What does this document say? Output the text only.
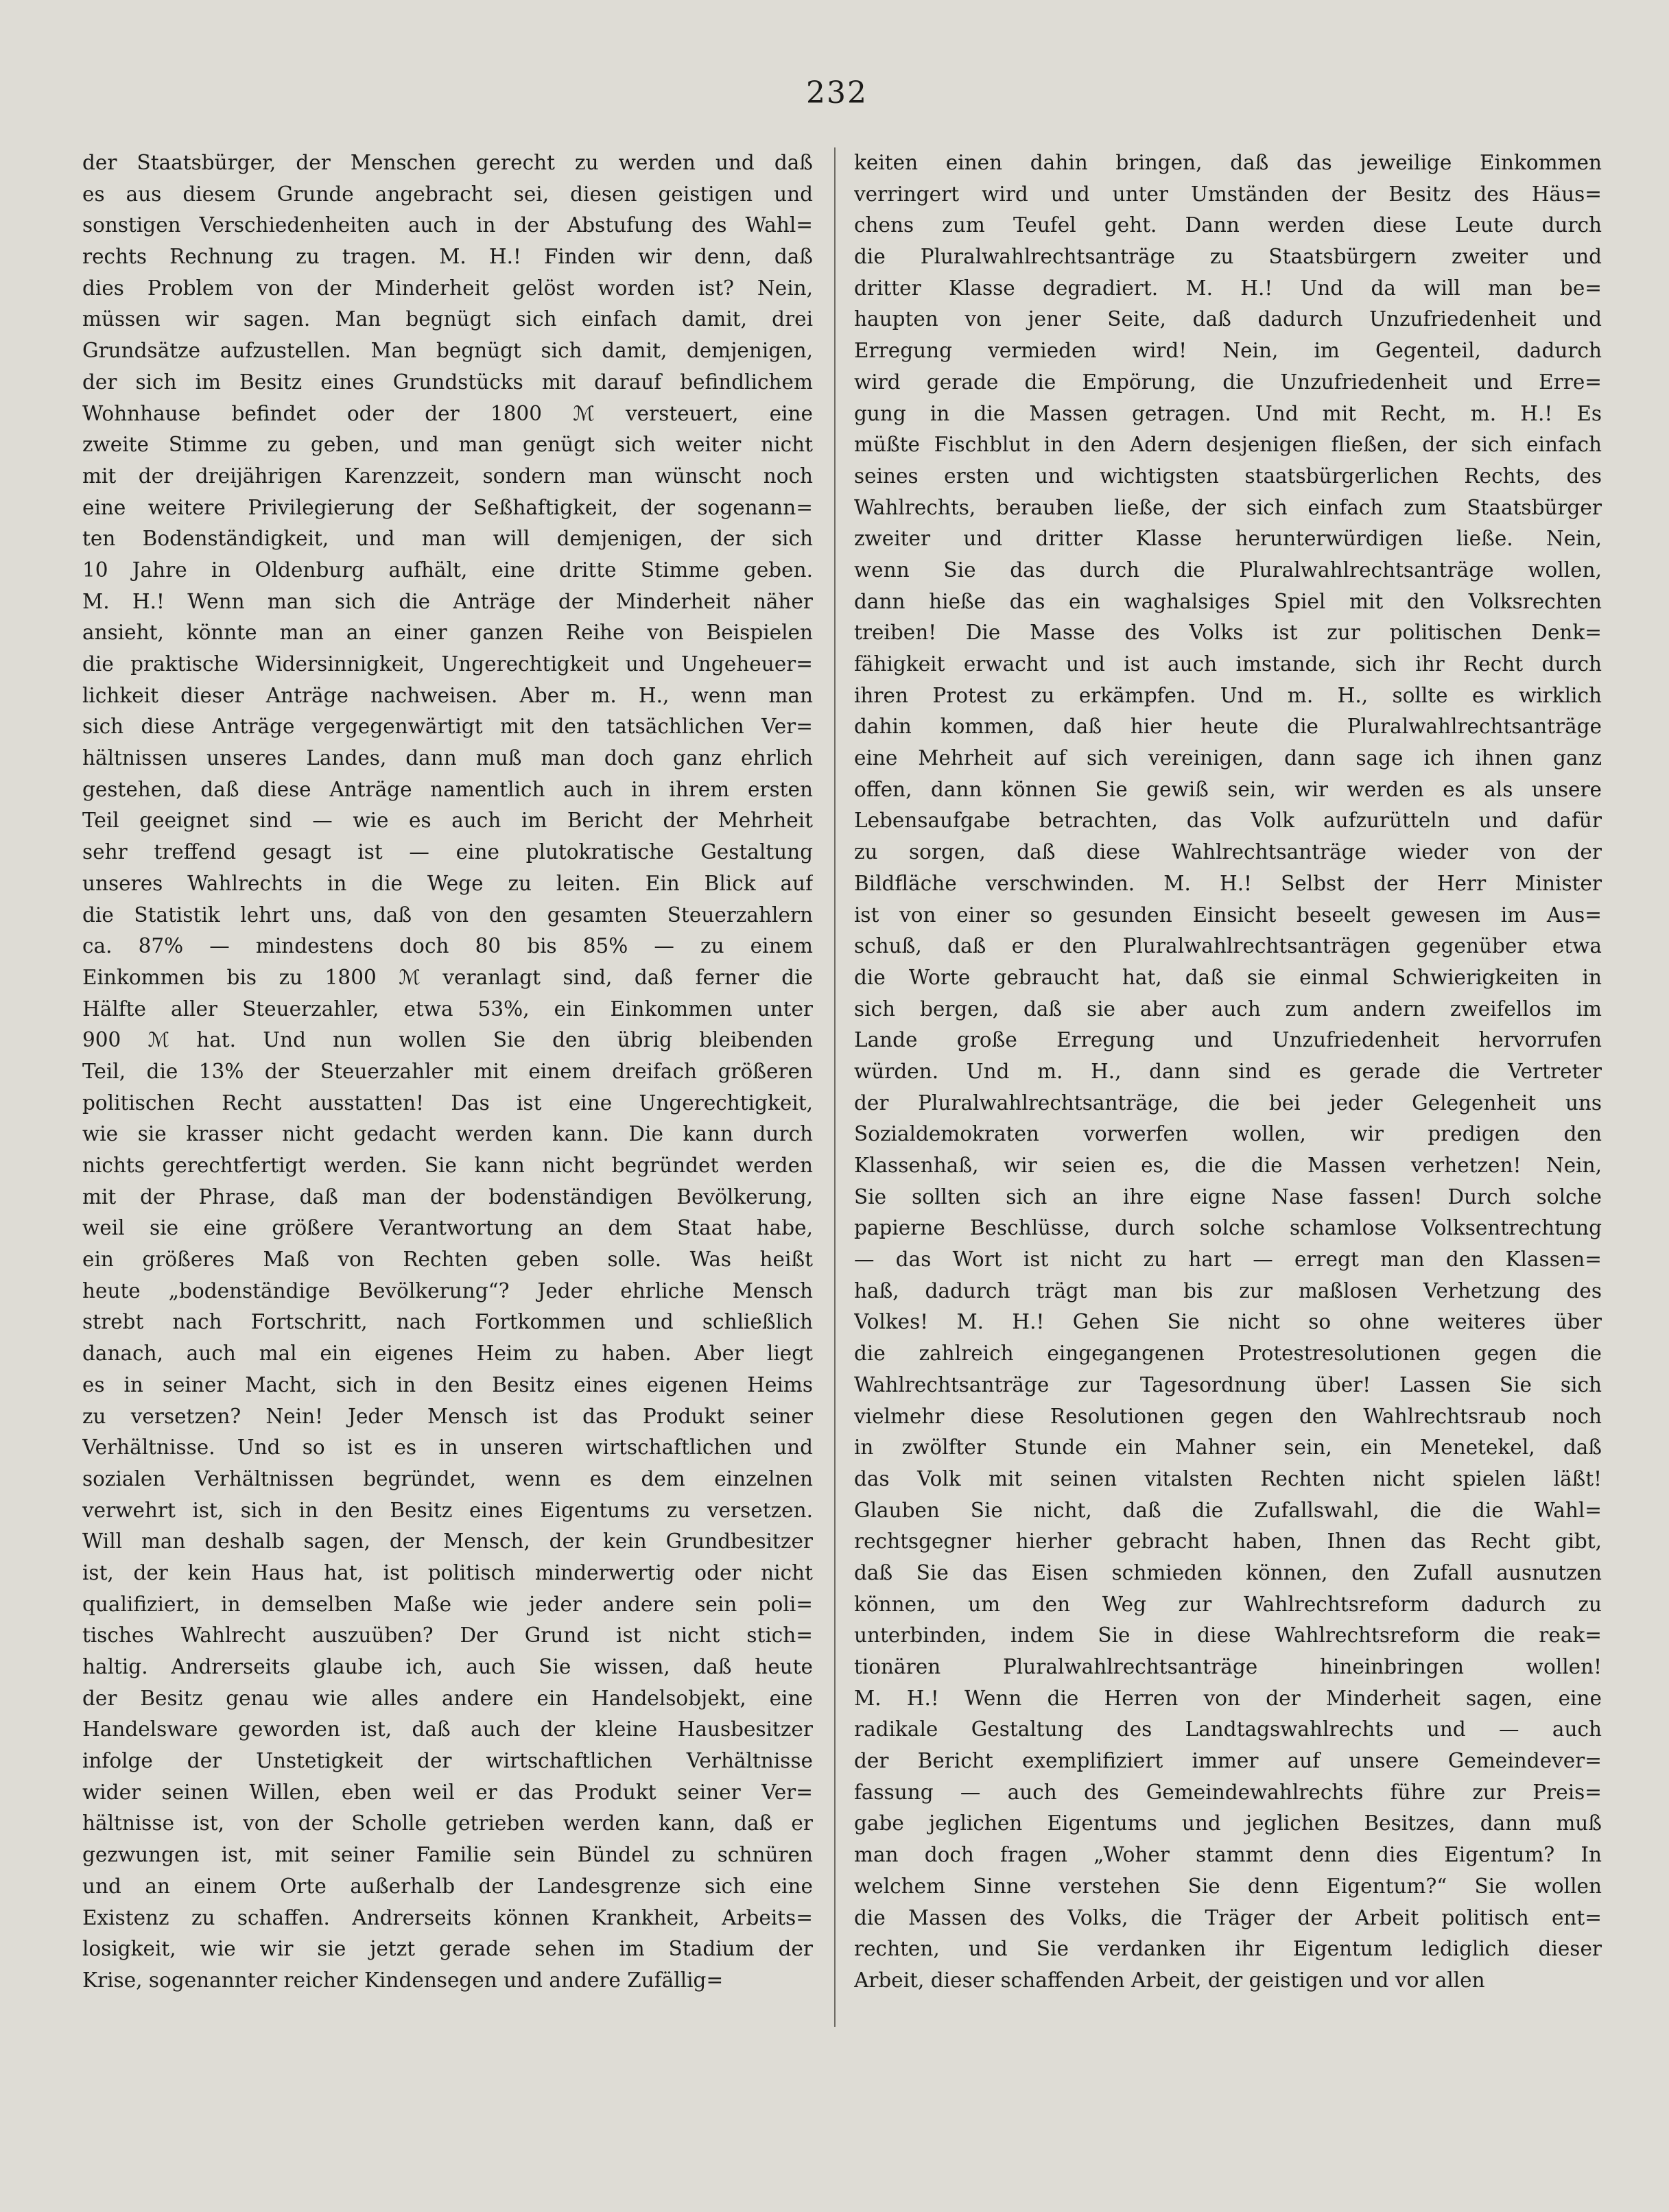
232
der Staatsbürger, der Menschen gerecht zu werden und daß
es aus diesem Grunde angebracht sei, diesen geistigen und
sonstigen Verschiedenheiten auch in der Abstufung des Wahl=
rechts Rechnung zu tragen. M. H.! Finden wir denn, daß
dies Problem von der Minderheit gelöst worden ist? Nein,
müssen wir sagen. Man begnügt sich einfach damit, drei
Grundsätze aufzustellen. Man begnügt sich damit, demjenigen,
der sich im Besitz eines Grundstücks mit darauf befindlichem
Wohnhause befindet oder der 1800 ℳ versteuert, eine
zweite Stimme zu geben, und man genügt sich weiter nicht
mit der dreijährigen Karenzzeit, sondern man wünscht noch
eine weitere Privilegierung der Seßhaftigkeit, der sogenann=
ten Bodenständigkeit, und man will demjenigen, der sich
10 Jahre in Oldenburg aufhält, eine dritte Stimme geben.
M. H.! Wenn man sich die Anträge der Minderheit näher
ansieht, könnte man an einer ganzen Reihe von Beispielen
die praktische Widersinnigkeit, Ungerechtigkeit und Ungeheuer=
lichkeit dieser Anträge nachweisen. Aber m. H., wenn man
sich diese Anträge vergegenwärtigt mit den tatsächlichen Ver=
hältnissen unseres Landes, dann muß man doch ganz ehrlich
gestehen, daß diese Anträge namentlich auch in ihrem ersten
Teil geeignet sind — wie es auch im Bericht der Mehrheit
sehr treffend gesagt ist — eine plutokratische Gestaltung
unseres Wahlrechts in die Wege zu leiten. Ein Blick auf
die Statistik lehrt uns, daß von den gesamten Steuerzahlern
ca. 87% — mindestens doch 80 bis 85% — zu einem
Einkommen bis zu 1800 ℳ veranlagt sind, daß ferner die
Hälfte aller Steuerzahler, etwa 53%, ein Einkommen unter
900 ℳ hat. Und nun wollen Sie den übrig bleibenden
Teil, die 13% der Steuerzahler mit einem dreifach größeren
politischen Recht ausstatten! Das ist eine Ungerechtigkeit,
wie sie krasser nicht gedacht werden kann. Die kann durch
nichts gerechtfertigt werden. Sie kann nicht begründet werden
mit der Phrase, daß man der bodenständigen Bevölkerung,
weil sie eine größere Verantwortung an dem Staat habe,
ein größeres Maß von Rechten geben solle. Was heißt
heute „bodenständige Bevölkerung“? Jeder ehrliche Mensch
strebt nach Fortschritt, nach Fortkommen und schließlich
danach, auch mal ein eigenes Heim zu haben. Aber liegt
es in seiner Macht, sich in den Besitz eines eigenen Heims
zu versetzen? Nein! Jeder Mensch ist das Produkt seiner
Verhältnisse. Und so ist es in unseren wirtschaftlichen und
sozialen Verhältnissen begründet, wenn es dem einzelnen
verwehrt ist, sich in den Besitz eines Eigentums zu versetzen.
Will man deshalb sagen, der Mensch, der kein Grundbesitzer
ist, der kein Haus hat, ist politisch minderwertig oder nicht
qualifiziert, in demselben Maße wie jeder andere sein poli=
tisches Wahlrecht auszuüben? Der Grund ist nicht stich=
haltig. Andrerseits glaube ich, auch Sie wissen, daß heute
der Besitz genau wie alles andere ein Handelsobjekt, eine
Handelsware geworden ist, daß auch der kleine Hausbesitzer
infolge der Unstetigkeit der wirtschaftlichen Verhältnisse
wider seinen Willen, eben weil er das Produkt seiner Ver=
hältnisse ist, von der Scholle getrieben werden kann, daß er
gezwungen ist, mit seiner Familie sein Bündel zu schnüren
und an einem Orte außerhalb der Landesgrenze sich eine
Existenz zu schaffen. Andrerseits können Krankheit, Arbeits=
losigkeit, wie wir sie jetzt gerade sehen im Stadium der
Krise, sogenannter reicher Kindensegen und andere Zufällig=
keiten einen dahin bringen, daß das jeweilige Einkommen
verringert wird und unter Umständen der Besitz des Häus=
chens zum Teufel geht. Dann werden diese Leute durch
die Pluralwahlrechtsanträge zu Staatsbürgern zweiter und
dritter Klasse degradiert. M. H.! Und da will man be=
haupten von jener Seite, daß dadurch Unzufriedenheit und
Erregung vermieden wird! Nein, im Gegenteil, dadurch
wird gerade die Empörung, die Unzufriedenheit und Erre=
gung in die Massen getragen. Und mit Recht, m. H.! Es
müßte Fischblut in den Adern desjenigen fließen, der sich einfach
seines ersten und wichtigsten staatsbürgerlichen Rechts, des
Wahlrechts, berauben ließe, der sich einfach zum Staatsbürger
zweiter und dritter Klasse herunterwürdigen ließe. Nein,
wenn Sie das durch die Pluralwahlrechtsanträge wollen,
dann hieße das ein waghalsiges Spiel mit den Volksrechten
treiben! Die Masse des Volks ist zur politischen Denk=
fähigkeit erwacht und ist auch imstande, sich ihr Recht durch
ihren Protest zu erkämpfen. Und m. H., sollte es wirklich
dahin kommen, daß hier heute die Pluralwahlrechtsanträge
eine Mehrheit auf sich vereinigen, dann sage ich ihnen ganz
offen, dann können Sie gewiß sein, wir werden es als unsere
Lebensaufgabe betrachten, das Volk aufzurütteln und dafür
zu sorgen, daß diese Wahlrechtsanträge wieder von der
Bildfläche verschwinden. M. H.! Selbst der Herr Minister
ist von einer so gesunden Einsicht beseelt gewesen im Aus=
schuß, daß er den Pluralwahlrechtsanträgen gegenüber etwa
die Worte gebraucht hat, daß sie einmal Schwierigkeiten in
sich bergen, daß sie aber auch zum andern zweifellos im
Lande große Erregung und Unzufriedenheit hervorrufen
würden. Und m. H., dann sind es gerade die Vertreter
der Pluralwahlrechtsanträge, die bei jeder Gelegenheit uns
Sozialdemokraten vorwerfen wollen, wir predigen den
Klassenhaß, wir seien es, die die Massen verhetzen! Nein,
Sie sollten sich an ihre eigne Nase fassen! Durch solche
papierne Beschlüsse, durch solche schamlose Volksentrechtung
— das Wort ist nicht zu hart — erregt man den Klassen=
haß, dadurch trägt man bis zur maßlosen Verhetzung des
Volkes! M. H.! Gehen Sie nicht so ohne weiteres über
die zahlreich eingegangenen Protestresolutionen gegen die
Wahlrechtsanträge zur Tagesordnung über! Lassen Sie sich
vielmehr diese Resolutionen gegen den Wahlrechtsraub noch
in zwölfter Stunde ein Mahner sein, ein Menetekel, daß
das Volk mit seinen vitalsten Rechten nicht spielen läßt!
Glauben Sie nicht, daß die Zufallswahl, die die Wahl=
rechtsgegner hierher gebracht haben, Ihnen das Recht gibt,
daß Sie das Eisen schmieden können, den Zufall ausnutzen
können, um den Weg zur Wahlrechtsreform dadurch zu
unterbinden, indem Sie in diese Wahlrechtsreform die reak=
tionären Pluralwahlrechtsanträge hineinbringen wollen!
M. H.! Wenn die Herren von der Minderheit sagen, eine
radikale Gestaltung des Landtagswahlrechts und — auch
der Bericht exemplifiziert immer auf unsere Gemeindever=
fassung — auch des Gemeindewahlrechts führe zur Preis=
gabe jeglichen Eigentums und jeglichen Besitzes, dann muß
man doch fragen „Woher stammt denn dies Eigentum? In
welchem Sinne verstehen Sie denn Eigentum?“ Sie wollen
die Massen des Volks, die Träger der Arbeit politisch ent=
rechten, und Sie verdanken ihr Eigentum lediglich dieser
Arbeit, dieser schaffenden Arbeit, der geistigen und vor allen
